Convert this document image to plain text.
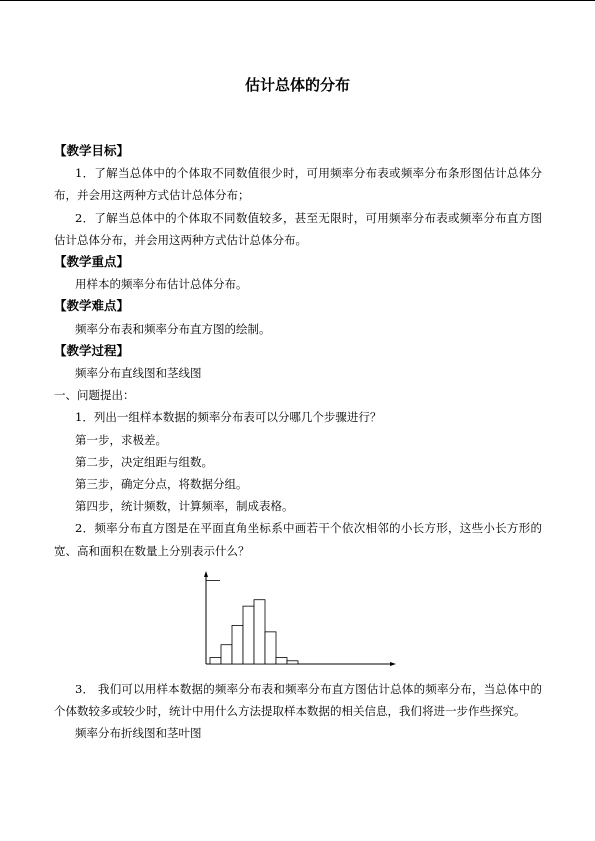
估计总体的分布

【教学目标】

1．了解当总体中的个体取不同数值很少时，可用频率分布表或频率分布条形图估计总体分布，并会用这两种方式估计总体分布；

2．了解当总体中的个体取不同数值较多，甚至无限时，可用频率分布表或频率分布直方图估计总体分布，并会用这两种方式估计总体分布。

【教学重点】

用样本的频率分布估计总体分布。

【教学难点】

频率分布表和频率分布直方图的绘制。

【教学过程】

频率分布直线图和茎线图

一、问题提出：

1．列出一组样本数据的频率分布表可以分哪几个步骤进行？

第一步，求极差。

第二步，决定组距与组数。

第三步，确定分点，将数据分组。

第四步，统计频数，计算频率，制成表格。

2．频率分布直方图是在平面直角坐标系中画若干个依次相邻的小长方形，这些小长方形的宽、高和面积在数量上分别表示什么？

3． 我们可以用样本数据的频率分布表和频率分布直方图估计总体的频率分布，当总体中的个体数较多或较少时，统计中用什么方法提取样本数据的相关信息，我们将进一步作些探究。

频率分布折线图和茎叶图
